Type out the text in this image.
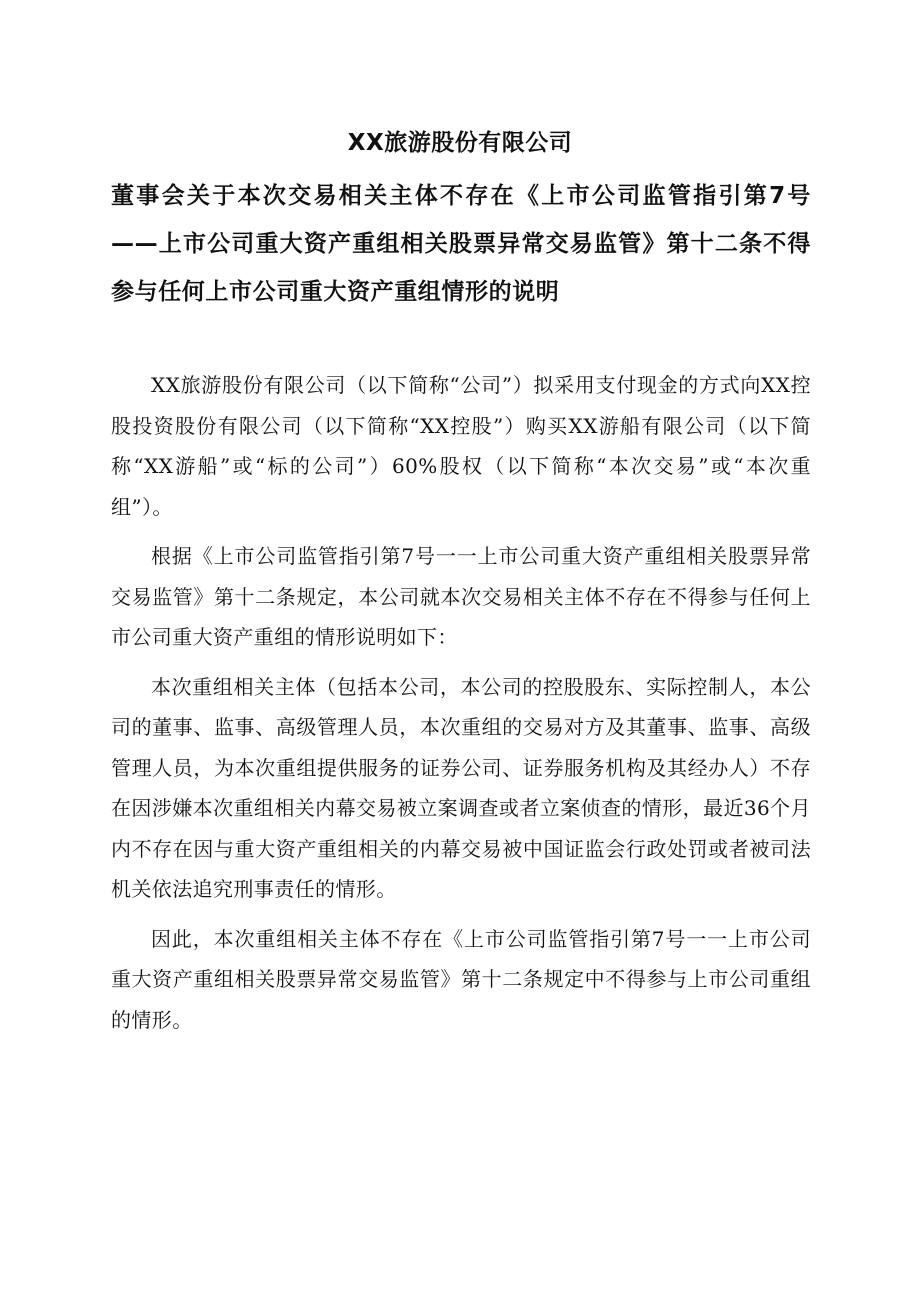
XX旅游股份有限公司
董事会关于本次交易相关主体不存在《上市公司监管指引第7号——上市公司重大资产重组相关股票异常交易监管》第十二条不得参与任何上市公司重大资产重组情形的说明

XX旅游股份有限公司（以下简称“公司”）拟采用支付现金的方式向XX控股投资股份有限公司（以下简称“XX控股”）购买XX游船有限公司（以下简称“XX游船”或“标的公司”）60%股权（以下简称“本次交易”或“本次重组”）。

根据《上市公司监管指引第7号一一上市公司重大资产重组相关股票异常交易监管》第十二条规定，本公司就本次交易相关主体不存在不得参与任何上市公司重大资产重组的情形说明如下：

本次重组相关主体（包括本公司，本公司的控股股东、实际控制人，本公司的董事、监事、高级管理人员，本次重组的交易对方及其董事、监事、高级管理人员，为本次重组提供服务的证券公司、证券服务机构及其经办人）不存在因涉嫌本次重组相关内幕交易被立案调查或者立案侦查的情形，最近36个月内不存在因与重大资产重组相关的内幕交易被中国证监会行政处罚或者被司法机关依法追究刑事责任的情形。

因此，本次重组相关主体不存在《上市公司监管指引第7号一一上市公司重大资产重组相关股票异常交易监管》第十二条规定中不得参与上市公司重组的情形。
